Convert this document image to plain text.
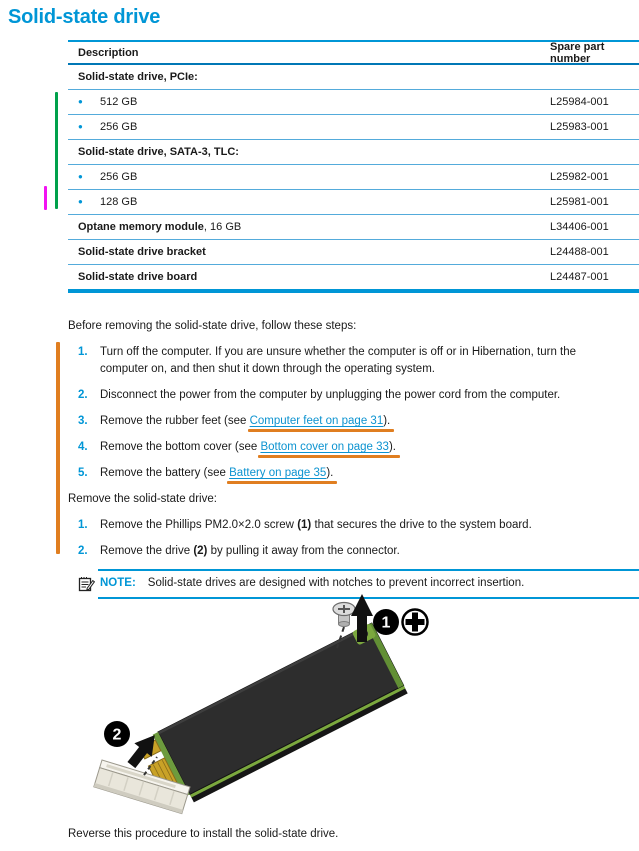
Solid-state drive
Description	Spare part number
Solid-state drive, PCIe:
●
512 GB	L25984-001
●
256 GB	L25983-001
Solid-state drive, SATA-3, TLC:
●
256 GB	L25982-001
●
128 GB	L25981-001
Optane memory module , 16 GB	L34406-001
Solid-state drive bracket	L24488-001
Solid-state drive board	L24487-001

Before removing the solid-state drive, follow these steps:

1.	Turn off the computer. If you are unsure whether the computer is off or in Hibernation, turn the computer on, and then shut it down through the operating system.
2.	Disconnect the power from the computer by unplugging the power cord from the computer.
3.	Remove the rubber feet (see Computer feet on page 31).
4.	Remove the bottom cover (see Bottom cover on page 33).
5.	Remove the battery (see Battery on page 35).

Remove the solid-state drive:

1.	Remove the Phillips PM2.0×2.0 screw (1) that secures the drive to the system board.
2.	Remove the drive (2) by pulling it away from the connector.
NOTE: Solid-state drives are designed with notches to prevent incorrect insertion.
1
2
Reverse this procedure to install the solid-state drive.
